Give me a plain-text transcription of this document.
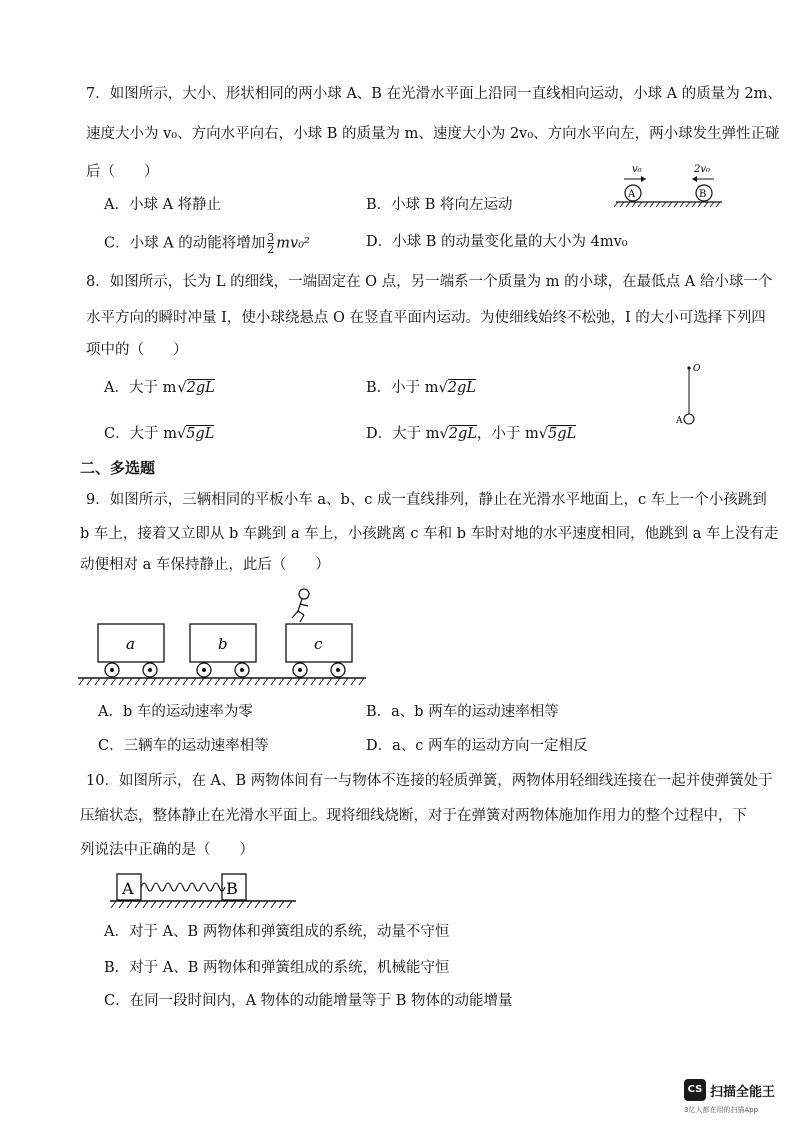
7．如图所示，大小、形状相同的两小球 A、B 在光滑水平面上沿同一直线相向运动，小球 A 的质量为 2m、
速度大小为 v₀、方向水平向右，小球 B 的质量为 m、速度大小为 2v₀、方向水平向左，两小球发生弹性正碰
后（　　）
A．小球 A 将静止	B．小球 B 将向左运动
C．小球 A 的动能将增加 $\frac{3}{2} mv_0^2$	D．小球 B 的动量变化量的大小为 4mv₀
v₀	2v₀
A	B
8．如图所示，长为 L 的细线，一端固定在 O 点，另一端系一个质量为 m 的小球，在最低点 A 给小球一个
水平方向的瞬时冲量 I，使小球绕悬点 O 在竖直平面内运动。为使细线始终不松弛，I 的大小可选择下列四
项中的（　　）
A．大于 m√2gL	B．小于 m√2gL
C．大于 m√5gL	D．大于 m√2gL，小于 m√5gL
O
A
二、多选题
9．如图所示，三辆相同的平板小车 a、b、c 成一直线排列，静止在光滑水平地面上，c 车上一个小孩跳到
b 车上，接着又立即从 b 车跳到 a 车上，小孩跳离 c 车和 b 车时对地的水平速度相同，他跳到 a 车上没有走
动便相对 a 车保持静止，此后（　　）
a	b	c
A．b 车的运动速率为零	B．a、b 两车的运动速率相等
C．三辆车的运动速率相等	D．a、c 两车的运动方向一定相反
10．如图所示，在 A、B 两物体间有一与物体不连接的轻质弹簧，两物体用轻细线连接在一起并使弹簧处于
压缩状态，整体静止在光滑水平面上。现将细线烧断，对于在弹簧对两物体施加作用力的整个过程中，下
列说法中正确的是（　　）
A	B
A．对于 A、B 两物体和弹簧组成的系统，动量不守恒
B．对于 A、B 两物体和弹簧组成的系统，机械能守恒
C．在同一段时间内，A 物体的动能增量等于 B 物体的动能增量
CS 扫描全能王
3亿人都在用的扫描App
